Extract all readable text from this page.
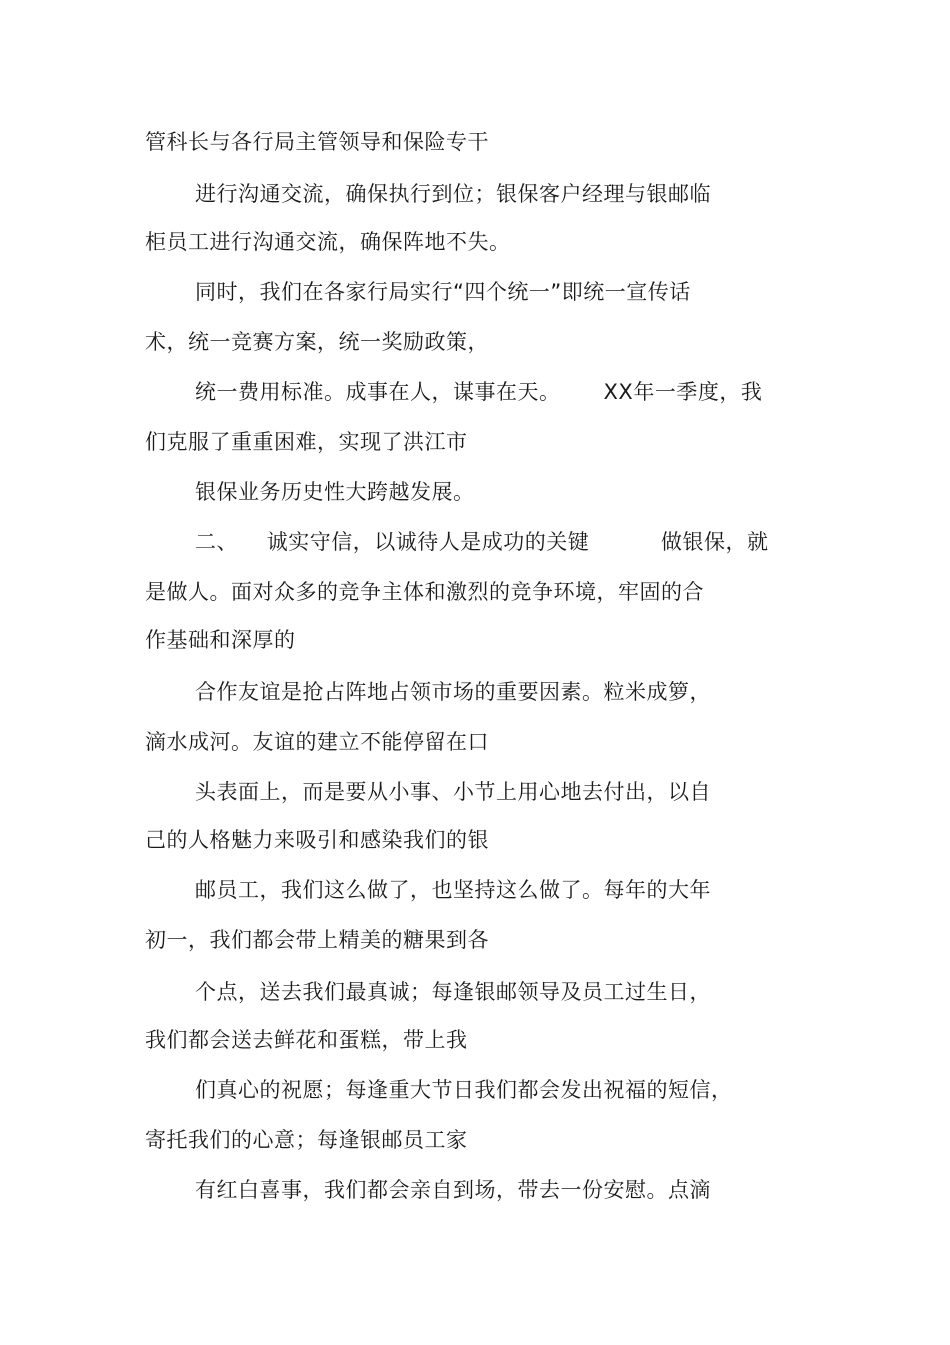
管科长与各行局主管领导和保险专干
进行沟通交流，确保执行到位；银保客户经理与银邮临
柜员工进行沟通交流，确保阵地不失。
同时，我们在各家行局实行“四个统一”即统一宣传话
术，统一竞赛方案，统一奖励政策，
统一费用标准。成事在人，谋事在天。      XX年一季度，我
们克服了重重困难，实现了洪江市
银保业务历史性大跨越发展。
二、    诚实守信，以诚待人是成功的关键          做银保，就
是做人。面对众多的竞争主体和激烈的竞争环境，牢固的合
作基础和深厚的
合作友谊是抢占阵地占领市场的重要因素。粒米成箩，
滴水成河。友谊的建立不能停留在口
头表面上，而是要从小事、小节上用心地去付出，以自
己的人格魅力来吸引和感染我们的银
邮员工，我们这么做了，也坚持这么做了。每年的大年
初一，我们都会带上精美的糖果到各
个点，送去我们最真诚；每逢银邮领导及员工过生日，
我们都会送去鲜花和蛋糕，带上我
们真心的祝愿；每逢重大节日我们都会发出祝福的短信，
寄托我们的心意；每逢银邮员工家
有红白喜事，我们都会亲自到场，带去一份安慰。点滴
